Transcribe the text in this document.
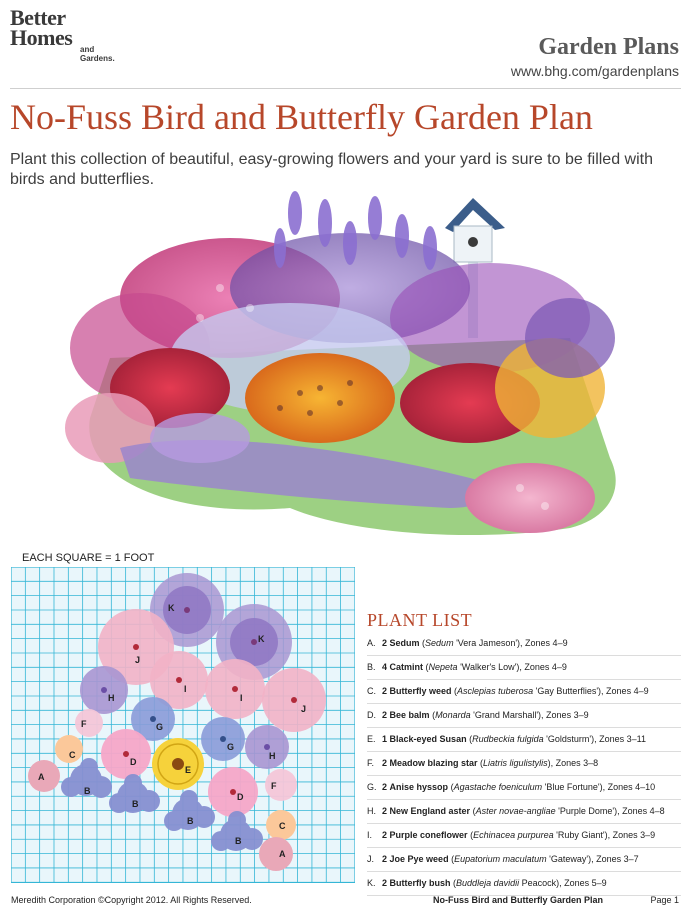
Better
Homes and Gardens.	Garden Plans
www.bhg.com/gardenplans
No-Fuss Bird and Butterfly Garden Plan
Plant this collection of beautiful, easy-growing flowers and your yard is sure to be filled with birds and butterflies.
EACH SQUARE = 1 FOOT
A
A
B
B
B
B
C
C
D
D
E
F
F
G
G
H
H
I
I
J
J
K
K
PLANT LIST
A. 2 Sedum (Sedum 'Vera Jameson'), Zones 4–9
B. 4 Catmint (Nepeta 'Walker's Low'), Zones 4–9
C. 2 Butterfly weed (Asclepias tuberosa 'Gay Butterflies'), Zones 4–9
D. 2 Bee balm (Monarda 'Grand Marshall'), Zones 3–9
E. 1 Black-eyed Susan (Rudbeckia fulgida 'Goldsturm'), Zones 3–11
F. 2 Meadow blazing star (Liatris ligulistylis), Zones 3–8
G. 2 Anise hyssop (Agastache foeniculum 'Blue Fortune'), Zones 4–10
H. 2 New England aster (Aster novae-angliae 'Purple Dome'), Zones 4–8
I. 2 Purple coneflower (Echinacea purpurea 'Ruby Giant'), Zones 3–9
J. 2 Joe Pye weed (Eupatorium maculatum 'Gateway'), Zones 3–7
K. 2 Butterfly bush (Buddleja davidii Peacock), Zones 5–9
Meredith Corporation ©Copyright 2012. All Rights Reserved.	No-Fuss Bird and Butterfly Garden Plan	Page 1
